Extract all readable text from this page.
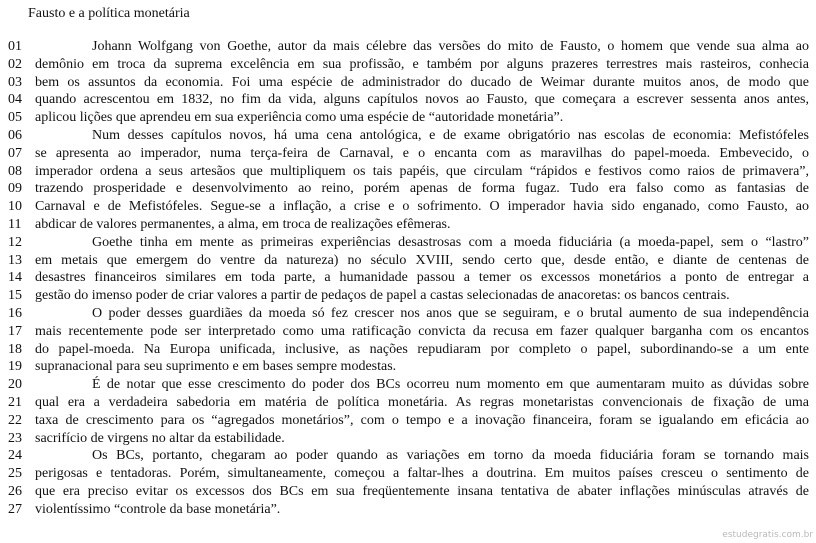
Fausto e a política monetária
01	Johann Wolfgang von Goethe, autor da mais célebre das versões do mito de Fausto, o homem que vende sua alma ao
02 demônio em troca da suprema excelência em sua profissão, e também por alguns prazeres terrestres mais rasteiros, conhecia
03 bem os assuntos da economia. Foi uma espécie de administrador do ducado de Weimar durante muitos anos, de modo que
04 quando acrescentou em 1832, no fim da vida, alguns capítulos novos ao Fausto, que começara a escrever sessenta anos antes,
05 aplicou lições que aprendeu em sua experiência como uma espécie de “autoridade monetária”.
06	Num desses capítulos novos, há uma cena antológica, e de exame obrigatório nas escolas de economia: Mefistófeles
07 se apresenta ao imperador, numa terça-feira de Carnaval, e o encanta com as maravilhas do papel-moeda. Embevecido, o
08 imperador ordena a seus artesãos que multipliquem os tais papéis, que circulam “rápidos e festivos como raios de primavera”,
09 trazendo prosperidade e desenvolvimento ao reino, porém apenas de forma fugaz. Tudo era falso como as fantasias de
10 Carnaval e de Mefistófeles. Segue-se a inflação, a crise e o sofrimento. O imperador havia sido enganado, como Fausto, ao
11 abdicar de valores permanentes, a alma, em troca de realizações efêmeras.
12	Goethe tinha em mente as primeiras experiências desastrosas com a moeda fiduciária (a moeda-papel, sem o “lastro”
13 em metais que emergem do ventre da natureza) no século XVIII, sendo certo que, desde então, e diante de centenas de
14 desastres financeiros similares em toda parte, a humanidade passou a temer os excessos monetários a ponto de entregar a
15 gestão do imenso poder de criar valores a partir de pedaços de papel a castas selecionadas de anacoretas: os bancos centrais.
16	O poder desses guardiães da moeda só fez crescer nos anos que se seguiram, e o brutal aumento de sua independência
17 mais recentemente pode ser interpretado como uma ratificação convicta da recusa em fazer qualquer barganha com os encantos
18 do papel-moeda. Na Europa unificada, inclusive, as nações repudiaram por completo o papel, subordinando-se a um ente
19 supranacional para seu suprimento e em bases sempre modestas.
20	É de notar que esse crescimento do poder dos BCs ocorreu num momento em que aumentaram muito as dúvidas sobre
21 qual era a verdadeira sabedoria em matéria de política monetária. As regras monetaristas convencionais de fixação de uma
22 taxa de crescimento para os “agregados monetários”, com o tempo e a inovação financeira, foram se igualando em eficácia ao
23 sacrifício de virgens no altar da estabilidade.
24	Os BCs, portanto, chegaram ao poder quando as variações em torno da moeda fiduciária foram se tornando mais
25 perigosas e tentadoras. Porém, simultaneamente, começou a faltar-lhes a doutrina. Em muitos países cresceu o sentimento de
26 que era preciso evitar os excessos dos BCs em sua freqüentemente insana tentativa de abater inflações minúsculas através de
27 violentíssimo “controle da base monetária”.
estudegratis.com.br
